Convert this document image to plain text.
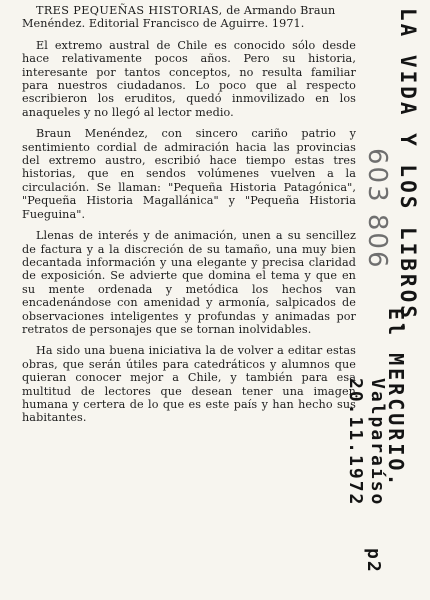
TRES PEQUEÑAS HISTORIAS, de Armando Braun Menéndez. Editorial Francisco de Aguirre. 1971.

El extremo austral de Chile es conocido sólo desde hace relativamente pocos años. Pero su historia, interesante por tantos conceptos, no resulta familiar para nuestros ciudadanos. Lo poco que al respecto escribieron los eruditos, quedó inmovilizado en los anaqueles y no llegó al lector medio.

Braun Menéndez, con sincero cariño patrio y sentimiento cordial de admiración hacia las provincias del extremo austro, escribió hace tiempo estas tres historias, que en sendos volúmenes vuelven a la circulación. Se llaman: "Pequeña Historia Patagónica", "Pequeña Historia Magallánica" y "Pequeña Historia Fueguina".

Llenas de interés y de animación, unen a su sencillez de factura y a la discreción de su tamaño, una muy bien decantada información y una elegante y precisa claridad de exposición. Se advierte que domina el tema y que en su mente ordenada y metódica los hechos van encadenándose con amenidad y armonía, salpicados de observaciones inteligentes y profundas y animadas por retratos de personajes que se tornan inolvidables.

Ha sido una buena iniciativa la de volver a editar estas obras, que serán útiles para catedráticos y alumnos que quieran conocer mejor a Chile, y también para esa multitud de lectores que desean tener una imagen humana y certera de lo que es este país y han hecho sus habitantes.

LA VIDA Y LOS LIBROS.
603 806
El MERCURIO.
Valparaíso
20.11.1972
p2
